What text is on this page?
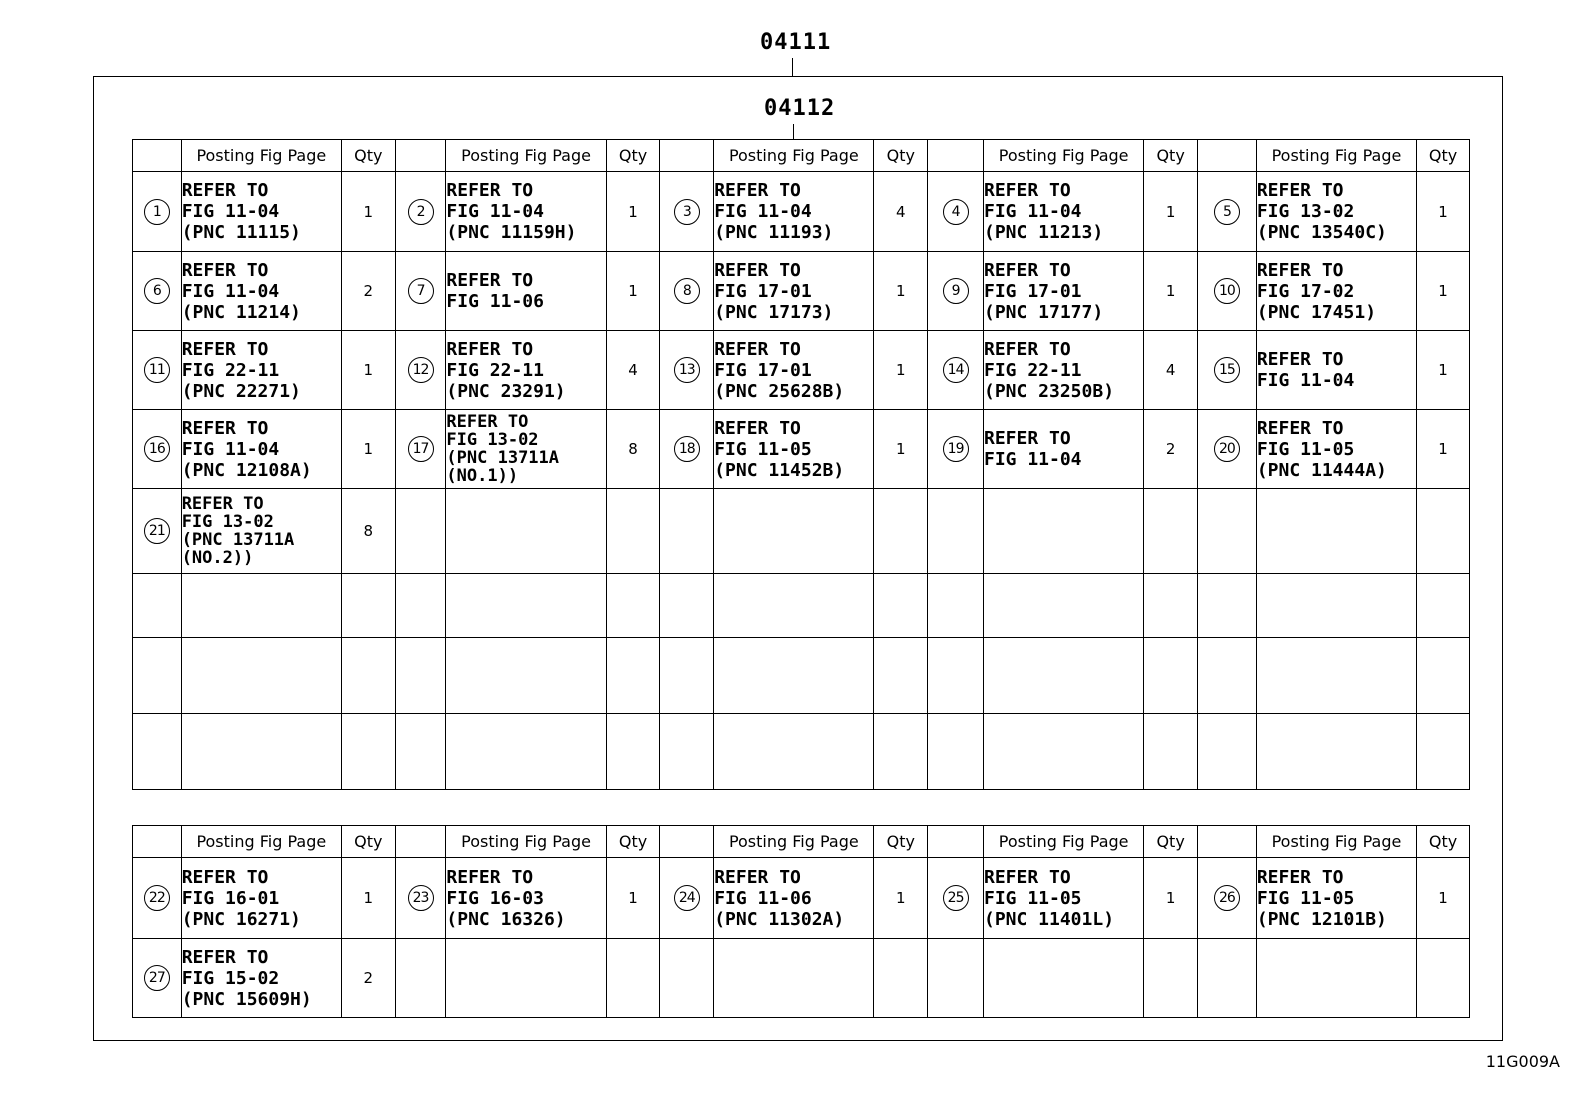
04111
04112
	Posting Fig Page	Qty		Posting Fig Page	Qty		Posting Fig Page	Qty		Posting Fig Page	Qty		Posting Fig Page	Qty
1	REFER TO
FIG 11-04
(PNC 11115)	1	2	REFER TO
FIG 11-04
(PNC 11159H)	1	3	REFER TO
FIG 11-04
(PNC 11193)	4	4	REFER TO
FIG 11-04
(PNC 11213)	1	5	REFER TO
FIG 13-02
(PNC 13540C)	1
6	REFER TO
FIG 11-04
(PNC 11214)	2	7	REFER TO
FIG 11-06	1	8	REFER TO
FIG 17-01
(PNC 17173)	1	9	REFER TO
FIG 17-01
(PNC 17177)	1	10	REFER TO
FIG 17-02
(PNC 17451)	1
11	REFER TO
FIG 22-11
(PNC 22271)	1	12	REFER TO
FIG 22-11
(PNC 23291)	4	13	REFER TO
FIG 17-01
(PNC 25628B)	1	14	REFER TO
FIG 22-11
(PNC 23250B)	4	15	REFER TO
FIG 11-04	1
16	REFER TO
FIG 11-04
(PNC 12108A)	1	17	REFER TO
FIG 13-02
(PNC 13711A
(NO.1))	8	18	REFER TO
FIG 11-05
(PNC 11452B)	1	19	REFER TO
FIG 11-04	2	20	REFER TO
FIG 11-05
(PNC 11444A)	1
21	REFER TO
FIG 13-02
(PNC 13711A
(NO.2))	8												

	Posting Fig Page	Qty		Posting Fig Page	Qty		Posting Fig Page	Qty		Posting Fig Page	Qty		Posting Fig Page	Qty
22	REFER TO
FIG 16-01
(PNC 16271)	1	23	REFER TO
FIG 16-03
(PNC 16326)	1	24	REFER TO
FIG 11-06
(PNC 11302A)	1	25	REFER TO
FIG 11-05
(PNC 11401L)	1	26	REFER TO
FIG 11-05
(PNC 12101B)	1
27	REFER TO
FIG 15-02
(PNC 15609H)	2												
11G009A
